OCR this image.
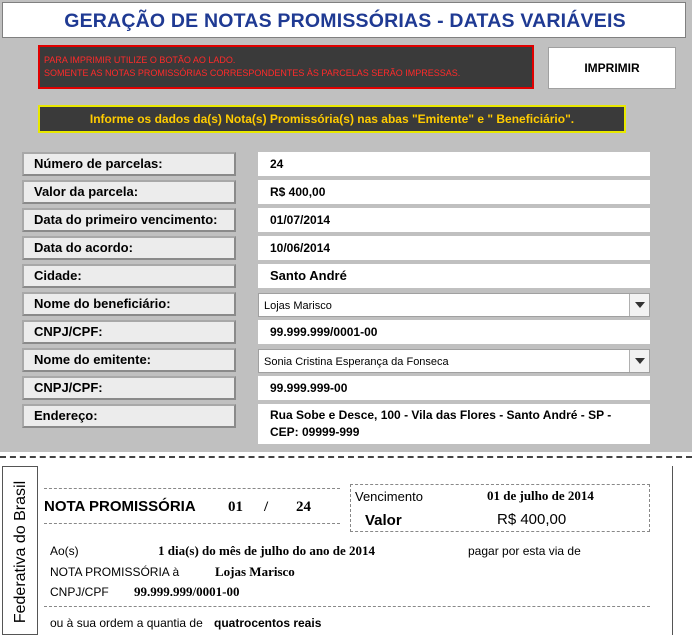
GERAÇÃO DE NOTAS PROMISSÓRIAS - DATAS VARIÁVEIS
PARA IMPRIMIR UTILIZE O BOTÃO AO LADO.
SOMENTE AS NOTAS PROMISSÓRIAS CORRESPONDENTES ÀS PARCELAS SERÃO IMPRESSAS.	IMPRIMIR
Informe os dados da(s) Nota(s) Promissória(s) nas abas "Emitente" e " Beneficiário".
Número de parcelas:	24
Valor da parcela:	R$ 400,00
Data do primeiro vencimento:	01/07/2014
Data do acordo:	10/06/2014
Cidade:	Santo André
Nome do beneficiário:	Lojas Marisco
CNPJ/CPF:	99.999.999/0001-00
Nome do emitente:	Sonia Cristina Esperança da Fonseca
CNPJ/CPF:	99.999.999-00
Endereço:	Rua Sobe e Desce, 100 - Vila das Flores - Santo André - SP -
CEP: 09999-999
Federativa do Brasil NOTA PROMISSÓRIA 01 / 24
Vencimento	01 de julho de 2014
Valor	R$ 400,00
Ao(s)	1 dia(s) do mês de julho do ano de 2014	pagar por esta via de
NOTA PROMISSÓRIA à	Lojas Marisco
CNPJ/CPF 99.999.999/0001-00
ou à sua ordem a quantia de quatrocentos reais
